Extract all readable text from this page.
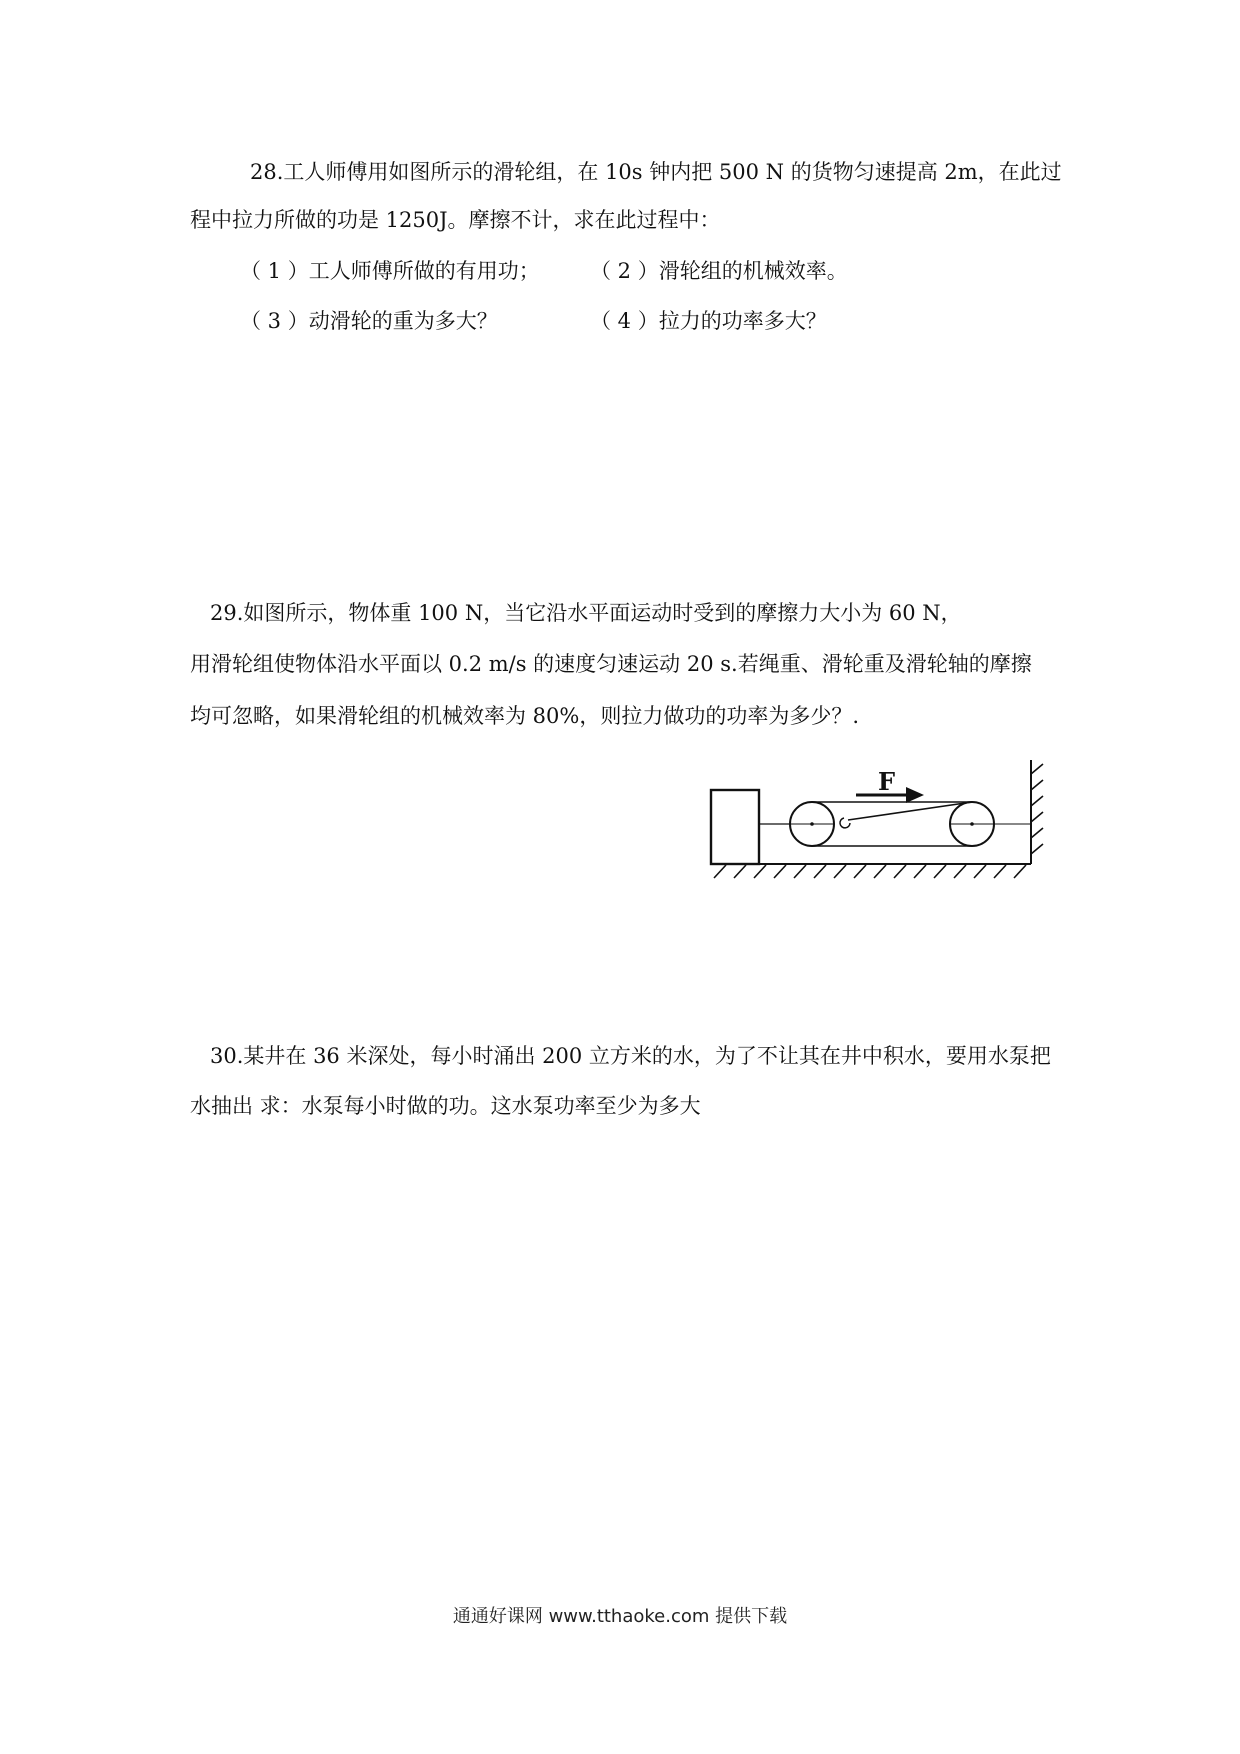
28.工人师傅用如图所示的滑轮组，在 10s 钟内把 500 N 的货物匀速提高 2m，在此过
程中拉力所做的功是 1250J。摩擦不计，求在此过程中：
（ 1 ）工人师傅所做的有用功； （ 2 ）滑轮组的机械效率。
（ 3 ）动滑轮的重为多大？	（ 4 ）拉力的功率多大？
29.如图所示，物体重 100 N，当它沿水平面运动时受到的摩擦力大小为 60 N，
用滑轮组使物体沿水平面以 0.2 m/s 的速度匀速运动 20 s.若绳重、滑轮重及滑轮轴的摩擦
均可忽略，如果滑轮组的机械效率为 80%，则拉力做功的功率为多少？.
F
30.某井在 36 米深处，每小时涌出 200 立方米的水，为了不让其在井中积水，要用水泵把
水抽出 求：水泵每小时做的功。这水泵功率至少为多大
通通好课网 www.tthaoke.com 提供下载
